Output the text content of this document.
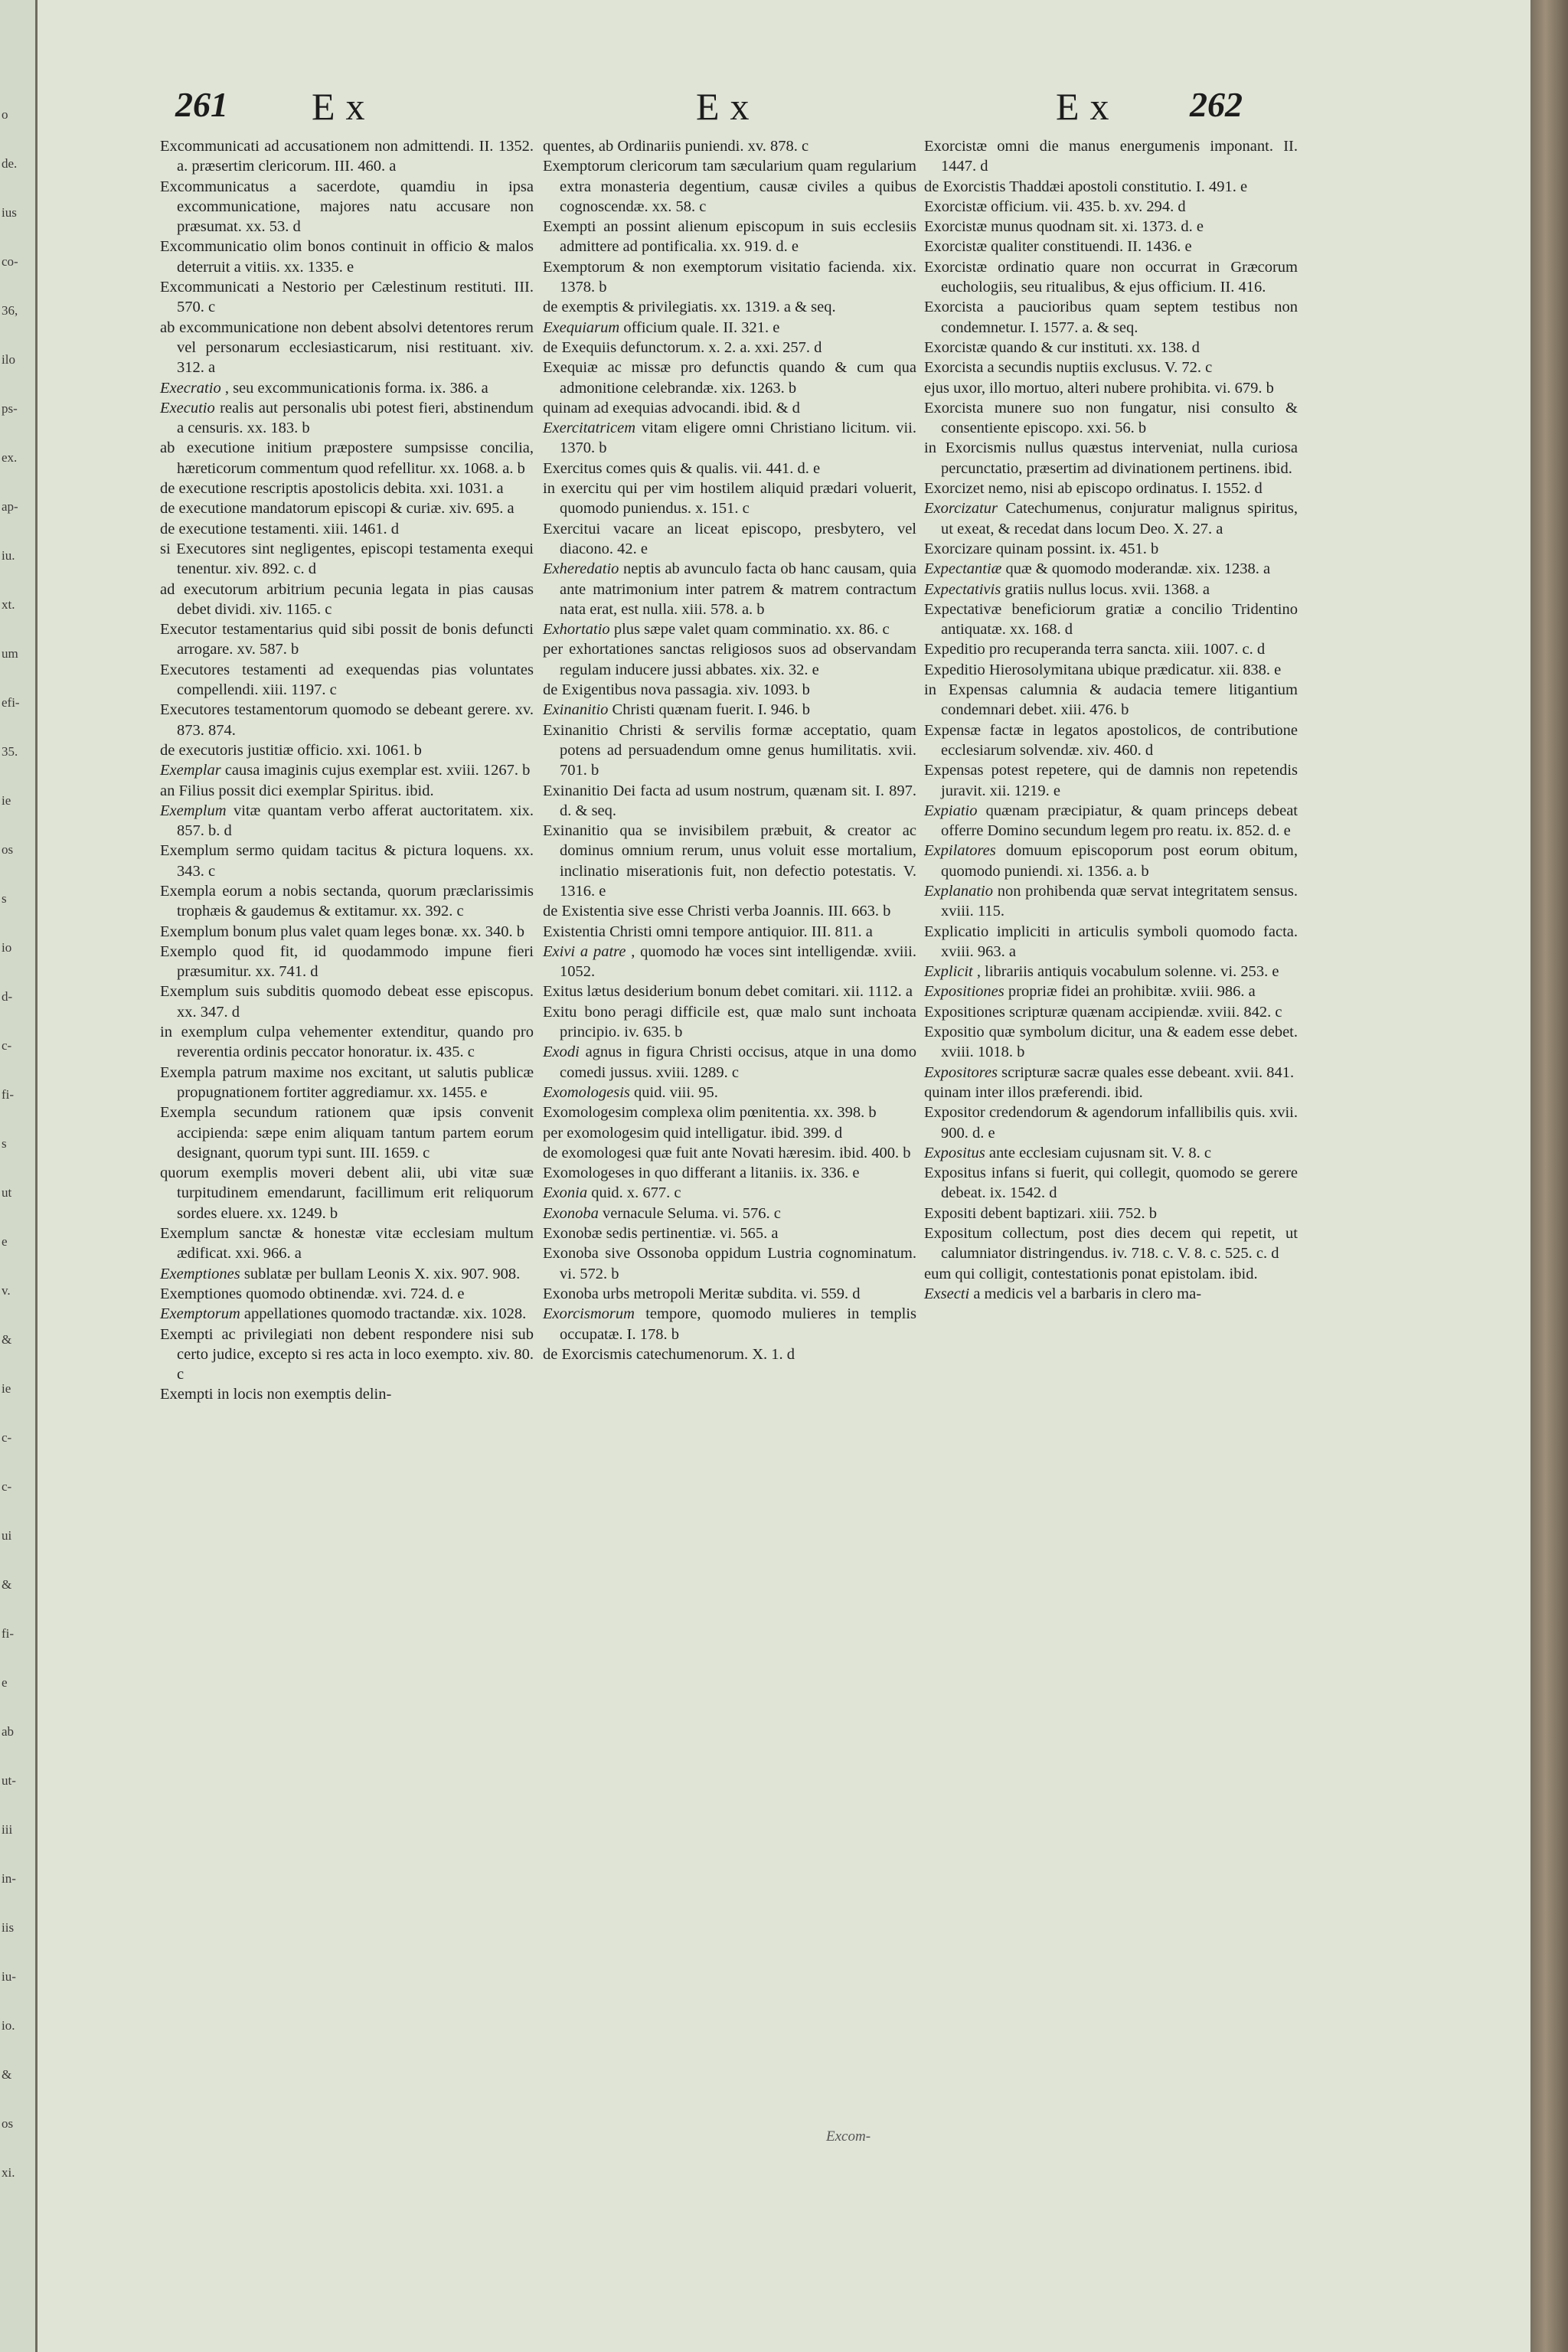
o
de.
ius
co-
36,
ilo
ps-
ex.
ap-
iu.
xt.
um
efi-
35.
ie
os
s
io
d-
c-
fi-
s
ut
e
v.
&
ie
c-
c-
ui
&
fi-
e
ab
ut-
iii
in-
iis
iu-
io.
&
os
xi.
261 Ex	Ex	Ex 262

Excommunicati ad accusationem non admittendi. II. 1352. a. præsertim clericorum. III. 460. a

Excommunicatus a sacerdote, quamdiu in ipsa excommunicatione, majores natu accusare non præsumat. xx. 53. d

Excommunicatio olim bonos continuit in officio & malos deterruit a vitiis. xx. 1335. e

Excommunicati a Nestorio per Cælestinum restituti. III. 570. c

ab excommunicatione non debent absolvi detentores rerum vel personarum ecclesiasticarum, nisi restituant. xiv. 312. a

Execratio , seu excommunicationis forma. ix. 386. a

Executio realis aut personalis ubi potest fieri, abstinendum a censuris. xx. 183. b

ab executione initium præpostere sumpsisse concilia, hæreticorum commentum quod refellitur. xx. 1068. a. b

de executione rescriptis apostolicis debita. xxi. 1031. a

de executione mandatorum episcopi & curiæ. xiv. 695. a

de executione testamenti. xiii. 1461. d

si Executores sint negligentes, episcopi testamenta exequi tenentur. xiv. 892. c. d

ad executorum arbitrium pecunia legata in pias causas debet dividi. xiv. 1165. c

Executor testamentarius quid sibi possit de bonis defuncti arrogare. xv. 587. b

Executores testamenti ad exequendas pias voluntates compellendi. xiii. 1197. c

Executores testamentorum quomodo se debeant gerere. xv. 873. 874.

de executoris justitiæ officio. xxi. 1061. b

Exemplar causa imaginis cujus exemplar est. xviii. 1267. b

an Filius possit dici exemplar Spiritus. ibid.

Exemplum vitæ quantam verbo afferat auctoritatem. xix. 857. b. d

Exemplum sermo quidam tacitus & pictura loquens. xx. 343. c

Exempla eorum a nobis sectanda, quorum præclarissimis trophæis & gaudemus & extitamur. xx. 392. c

Exemplum bonum plus valet quam leges bonæ. xx. 340. b

Exemplo quod fit, id quodammodo impune fieri præsumitur. xx. 741. d

Exemplum suis subditis quomodo debeat esse episcopus. xx. 347. d

in exemplum culpa vehementer extenditur, quando pro reverentia ordinis peccator honoratur. ix. 435. c

Exempla patrum maxime nos excitant, ut salutis publicæ propugnationem fortiter aggrediamur. xx. 1455. e

Exempla secundum rationem quæ ipsis convenit accipienda: sæpe enim aliquam tantum partem eorum designant, quorum typi sunt. III. 1659. c

quorum exemplis moveri debent alii, ubi vitæ suæ turpitudinem emendarunt, facillimum erit reliquorum sordes eluere. xx. 1249. b

Exemplum sanctæ & honestæ vitæ ecclesiam multum ædificat. xxi. 966. a

Exemptiones sublatæ per bullam Leonis X. xix. 907. 908.

Exemptiones quomodo obtinendæ. xvi. 724. d. e

Exemptorum appellationes quomodo tractandæ. xix. 1028.

Exempti ac privilegiati non debent respondere nisi sub certo judice, excepto si res acta in loco exempto. xiv. 80. c

Exempti in locis non exemptis delin-

quentes, ab Ordinariis puniendi. xv. 878. c

Exemptorum clericorum tam sæcularium quam regularium extra monasteria degentium, causæ civiles a quibus cognoscendæ. xx. 58. c

Exempti an possint alienum episcopum in suis ecclesiis admittere ad pontificalia. xx. 919. d. e

Exemptorum & non exemptorum visitatio facienda. xix. 1378. b

de exemptis & privilegiatis. xx. 1319. a & seq.

Exequiarum officium quale. II. 321. e

de Exequiis defunctorum. x. 2. a. xxi. 257. d

Exequiæ ac missæ pro defunctis quando & cum qua admonitione celebrandæ. xix. 1263. b

quinam ad exequias advocandi. ibid. & d

Exercitatricem vitam eligere omni Christiano licitum. vii. 1370. b

Exercitus comes quis & qualis. vii. 441. d. e

in exercitu qui per vim hostilem aliquid prædari voluerit, quomodo puniendus. x. 151. c

Exercitui vacare an liceat episcopo, presbytero, vel diacono. 42. e

Exheredatio neptis ab avunculo facta ob hanc causam, quia ante matrimonium inter patrem & matrem contractum nata erat, est nulla. xiii. 578. a. b

Exhortatio plus sæpe valet quam comminatio. xx. 86. c

per exhortationes sanctas religiosos suos ad observandam regulam inducere jussi abbates. xix. 32. e

de Exigentibus nova passagia. xiv. 1093. b

Exinanitio Christi quænam fuerit. I. 946. b

Exinanitio Christi & servilis formæ acceptatio, quam potens ad persuadendum omne genus humilitatis. xvii. 701. b

Exinanitio Dei facta ad usum nostrum, quænam sit. I. 897. d. & seq.

Exinanitio qua se invisibilem præbuit, & creator ac dominus omnium rerum, unus voluit esse mortalium, inclinatio miserationis fuit, non defectio potestatis. V. 1316. e

de Existentia sive esse Christi verba Joannis. III. 663. b

Existentia Christi omni tempore antiquior. III. 811. a

Exivi a patre , quomodo hæ voces sint intelligendæ. xviii. 1052.

Exitus lætus desiderium bonum debet comitari. xii. 1112. a

Exitu bono peragi difficile est, quæ malo sunt inchoata principio. iv. 635. b

Exodi agnus in figura Christi occisus, atque in una domo comedi jussus. xviii. 1289. c

Exomologesis quid. viii. 95.

Exomologesim complexa olim pœnitentia. xx. 398. b

per exomologesim quid intelligatur. ibid. 399. d

de exomologesi quæ fuit ante Novati hæresim. ibid. 400. b

Exomologeses in quo differant a litaniis. ix. 336. e

Exonia quid. x. 677. c

Exonoba vernacule Seluma. vi. 576. c

Exonobæ sedis pertinentiæ. vi. 565. a

Exonoba sive Ossonoba oppidum Lustria cognominatum. vi. 572. b

Exonoba urbs metropoli Meritæ subdita. vi. 559. d

Exorcismorum tempore, quomodo mulieres in templis occupatæ. I. 178. b

de Exorcismis catechumenorum. X. 1. d

Exorcistæ omni die manus energumenis imponant. II. 1447. d

de Exorcistis Thaddæi apostoli constitutio. I. 491. e

Exorcistæ officium. vii. 435. b. xv. 294. d

Exorcistæ munus quodnam sit. xi. 1373. d. e

Exorcistæ qualiter constituendi. II. 1436. e

Exorcistæ ordinatio quare non occurrat in Græcorum euchologiis, seu ritualibus, & ejus officium. II. 416.

Exorcista a paucioribus quam septem testibus non condemnetur. I. 1577. a. & seq.

Exorcistæ quando & cur instituti. xx. 138. d

Exorcista a secundis nuptiis exclusus. V. 72. c

ejus uxor, illo mortuo, alteri nubere prohibita. vi. 679. b

Exorcista munere suo non fungatur, nisi consulto & consentiente episcopo. xxi. 56. b

in Exorcismis nullus quæstus interveniat, nulla curiosa percunctatio, præsertim ad divinationem pertinens. ibid.

Exorcizet nemo, nisi ab episcopo ordinatus. I. 1552. d

Exorcizatur Catechumenus, conjuratur malignus spiritus, ut exeat, & recedat dans locum Deo. X. 27. a

Exorcizare quinam possint. ix. 451. b

Expectantiæ quæ & quomodo moderandæ. xix. 1238. a

Expectativis gratiis nullus locus. xvii. 1368. a

Expectativæ beneficiorum gratiæ a concilio Tridentino antiquatæ. xx. 168. d

Expeditio pro recuperanda terra sancta. xiii. 1007. c. d

Expeditio Hierosolymitana ubique prædicatur. xii. 838. e

in Expensas calumnia & audacia temere litigantium condemnari debet. xiii. 476. b

Expensæ factæ in legatos apostolicos, de contributione ecclesiarum solvendæ. xiv. 460. d

Expensas potest repetere, qui de damnis non repetendis juravit. xii. 1219. e

Expiatio quænam præcipiatur, & quam princeps debeat offerre Domino secundum legem pro reatu. ix. 852. d. e

Expilatores domuum episcoporum post eorum obitum, quomodo puniendi. xi. 1356. a. b

Explanatio non prohibenda quæ servat integritatem sensus. xviii. 115.

Explicatio impliciti in articulis symboli quomodo facta. xviii. 963. a

Explicit , librariis antiquis vocabulum solenne. vi. 253. e

Expositiones propriæ fidei an prohibitæ. xviii. 986. a

Expositiones scripturæ quænam accipiendæ. xviii. 842. c

Expositio quæ symbolum dicitur, una & eadem esse debet. xviii. 1018. b

Expositores scripturæ sacræ quales esse debeant. xvii. 841.

quinam inter illos præferendi. ibid.

Expositor credendorum & agendorum infallibilis quis. xvii. 900. d. e

Expositus ante ecclesiam cujusnam sit. V. 8. c

Expositus infans si fuerit, qui collegit, quomodo se gerere debeat. ix. 1542. d

Expositi debent baptizari. xiii. 752. b

Expositum collectum, post dies decem qui repetit, ut calumniator distringendus. iv. 718. c. V. 8. c. 525. c. d

eum qui colligit, contestationis ponat epistolam. ibid.

Exsecti a medicis vel a barbaris in clero ma-

Excom-
